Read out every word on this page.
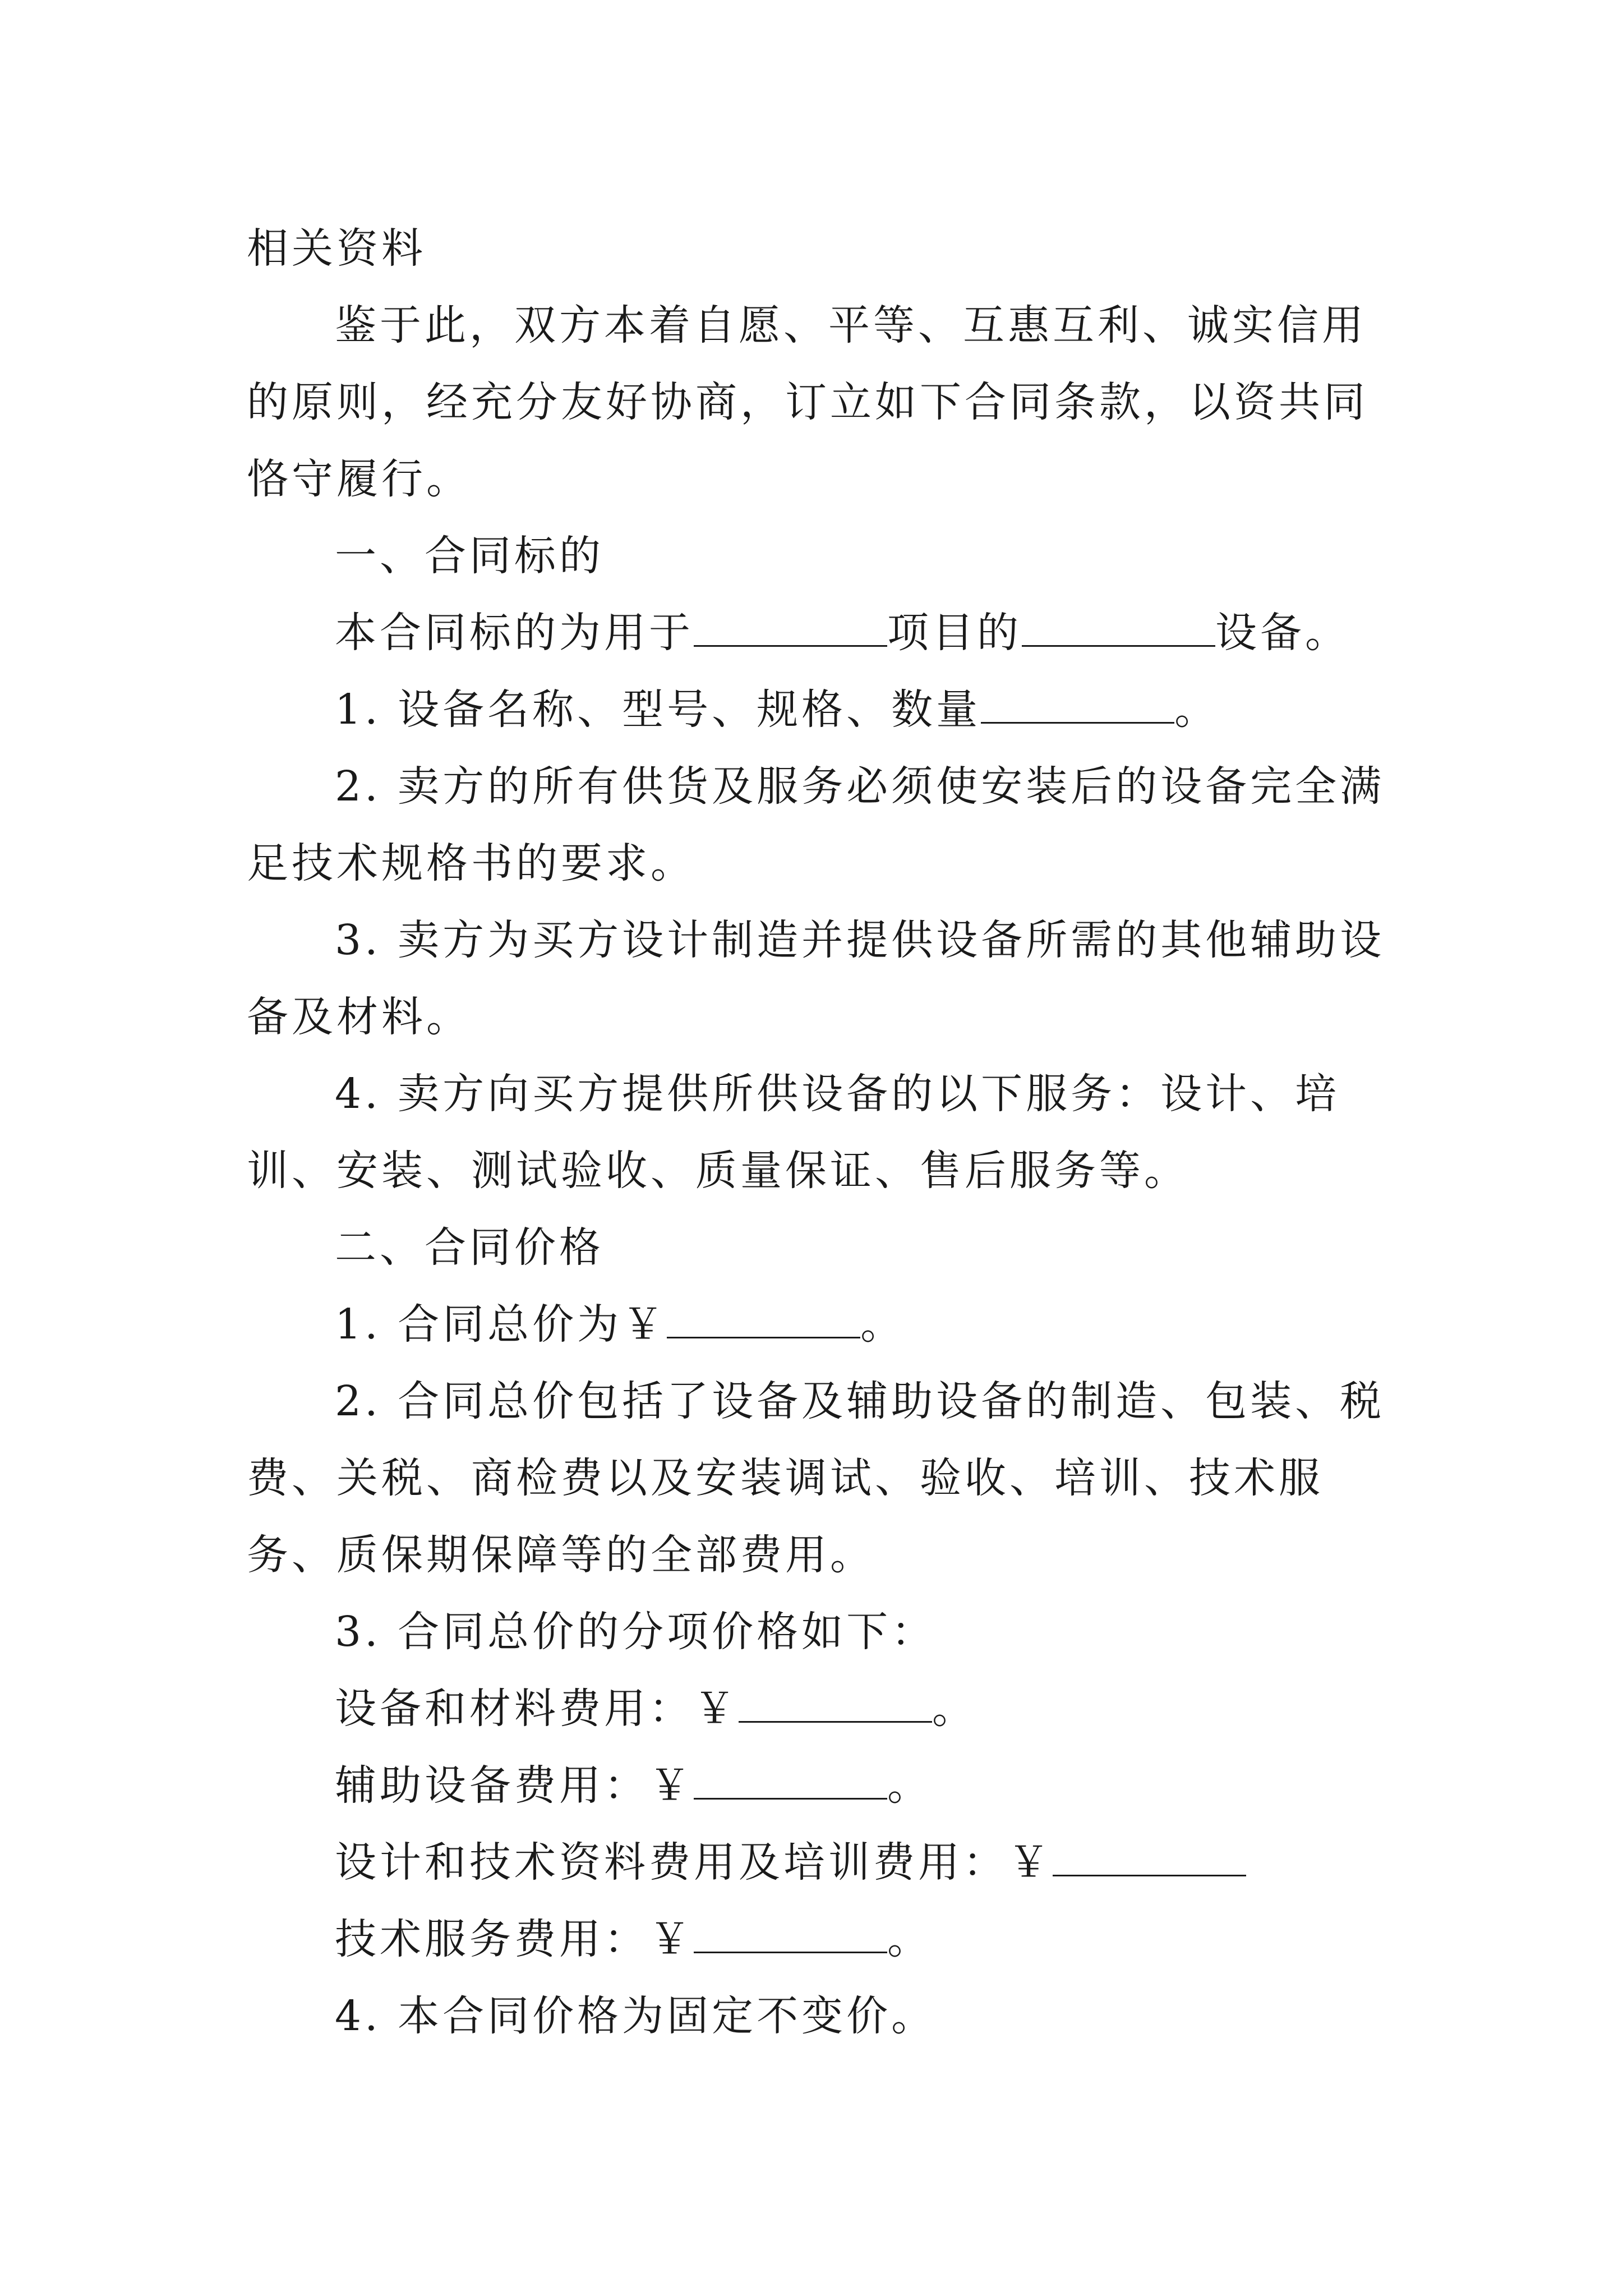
相关资料

鉴于此，双方本着自愿、平等、互惠互利、诚实信用的原则，经充分友好协商，订立如下合同条款，以资共同恪守履行。

一、合同标的

本合同标的为用于	项目的	设备。

1. 设备名称、型号、规格、数量	。

2. 卖方的所有供货及服务必须使安装后的设备完全满足技术规格书的要求。

3. 卖方为买方设计制造并提供设备所需的其他辅助设备及材料。

4. 卖方向买方提供所供设备的以下服务：设计、培训、安装、测试验收、质量保证、售后服务等。

二、合同价格

1. 合同总价为￥	。

2. 合同总价包括了设备及辅助设备的制造、包装、税费、关税、商检费以及安装调试、验收、培训、技术服务、质保期保障等的全部费用。

3. 合同总价的分项价格如下：

设备和材料费用：￥	。

辅助设备费用：￥	。

设计和技术资料费用及培训费用：￥

技术服务费用：￥	。

4. 本合同价格为固定不变价。
